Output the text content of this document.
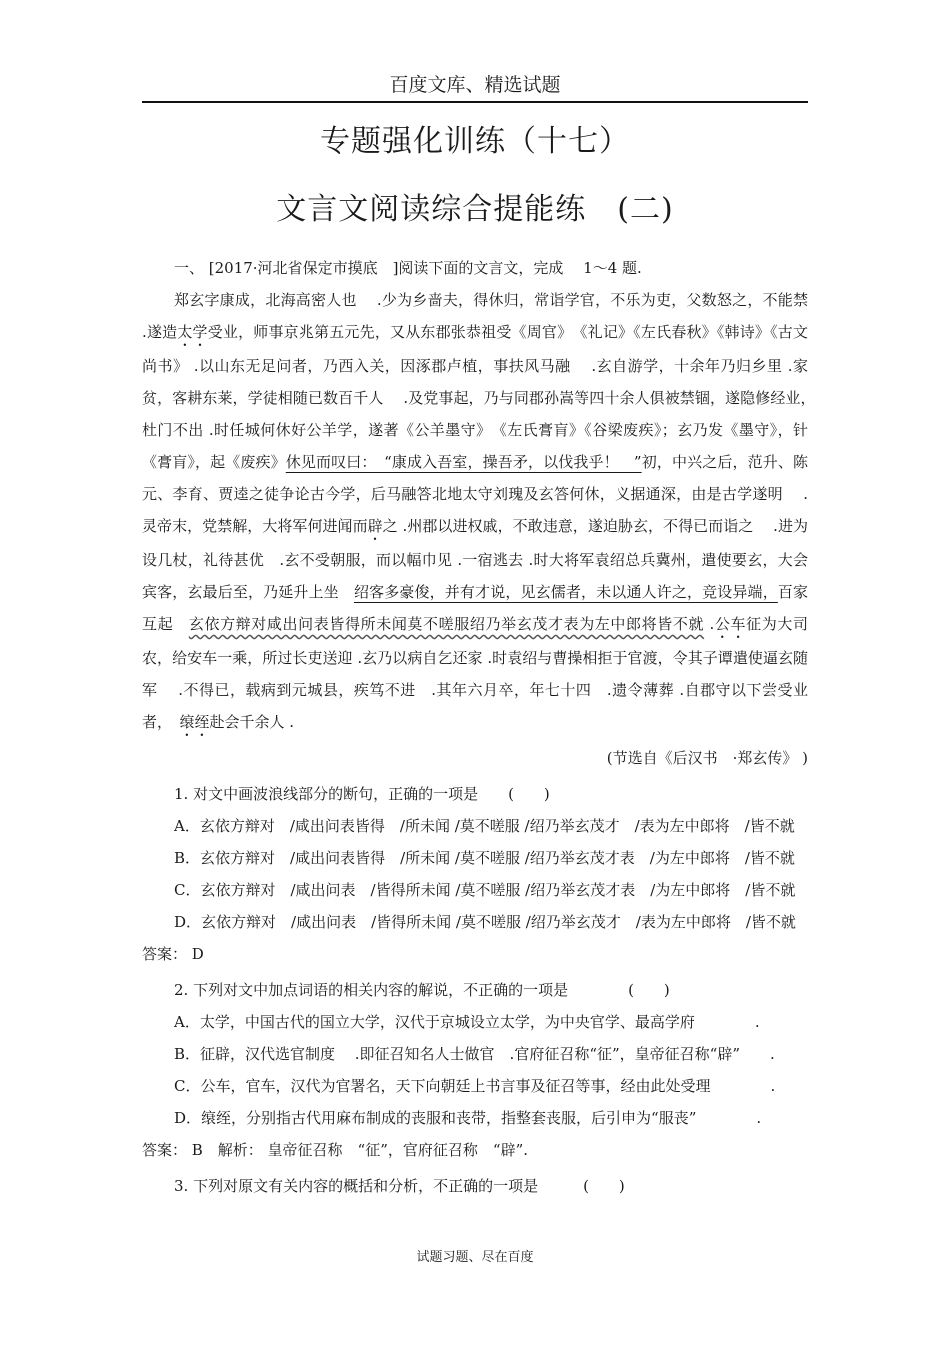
百度文库、精选试题
专题强化训练（十七）
文言文阅读综合提能练　(二)

一、 [2017·河北省保定市摸底　]阅读下面的文言文，完成　 1～4 题.

郑玄字康成，北海高密人也　 .少为乡啬夫，得休归，常诣学官，不乐为吏，父数怒之，不能禁 .遂造太学受业，师事京兆第五元先，又从东郡张恭祖受《周官》　《礼记》《左氏春秋》《韩诗》《古文尚书》 .以山东无足问者，乃西入关，因涿郡卢植，事扶风马融　 .玄自游学，十余年乃归乡里 .家贫，客耕东莱，学徒相随已数百千人　 .及党事起，乃与同郡孙嵩等四十余人俱被禁锢，遂隐修经业，　杜门不出 .时任城何休好公羊学，遂著《公羊墨守》　《左氏膏肓》《谷梁废疾》；玄乃发《墨守》，针《膏肓》，起《废疾》休见而叹曰：　“康成入吾室，操吾矛，以伐我乎！　”初，中兴之后，范升、陈元、李育、贾逵之徒争论古今学，后马融答北地太守刘瑰及玄答何休，义据通深，由是古学遂明　 . 灵帝末，党禁解，大将军何进闻而辟之 .州郡以进权戚，不敢违意，遂迫胁玄，不得已而诣之　 .进为设几杖，礼待甚优　.玄不受朝服，而以幅巾见 .一宿逃去 .时大将军袁绍总兵冀州，遣使要玄，大会宾客，玄最后至，乃延升上坐　绍客多豪俊，并有才说，见玄儒者，未以通人许之，竞设异端，百家互起　玄依方辩对咸出问表皆得所未闻莫不嗟服绍乃举玄茂才表为左中郎将皆不就 .公车征为大司农，给安车一乘，所过长吏送迎 .玄乃以病自乞还家 .时袁绍与曹操相拒于官渡，令其子谭遣使逼玄随军　 .不得已，载病到元城县，疾笃不进　.其年六月卒，年七十四　.遗令薄葬 .自郡守以下尝受业者，　缞绖赴会千余人 .

(节选自《后汉书　·郑玄传》 )
1. 对文中画波浪线部分的断句，正确的一项是　　(　　)
A．玄依方辩对　/咸出问表皆得　/所未闻 /莫不嗟服 /绍乃举玄茂才　/表为左中郎将　/皆不就
B．玄依方辩对　/咸出问表皆得　/所未闻 /莫不嗟服 /绍乃举玄茂才表　/为左中郎将　/皆不就
C．玄依方辩对　/咸出问表　/皆得所未闻 /莫不嗟服 /绍乃举玄茂才表　/为左中郎将　/皆不就
D．玄依方辩对　/咸出问表　/皆得所未闻 /莫不嗟服 /绍乃举玄茂才　/表为左中郎将　/皆不就
答案： D
2. 下列对文中加点词语的相关内容的解说，不正确的一项是　　　　(　　)
A．太学，中国古代的国立大学，汉代于京城设立太学，为中央官学、最高学府　　　　.
B．征辟，汉代选官制度　 .即征召知名人士做官　.官府征召称“征”，皇帝征召称“辟”　　.
C．公车，官车，汉代为官署名，天下向朝廷上书言事及征召等事，经由此处受理　　　　.
D．缞绖，分别指古代用麻布制成的丧服和丧带，指整套丧服，后引申为“服丧”　　　　.
答案： B　解析： 皇帝征召称　“征”，官府征召称　“辟”.
3. 下列对原文有关内容的概括和分析，不正确的一项是　　　(　　)
试题习题、尽在百度
